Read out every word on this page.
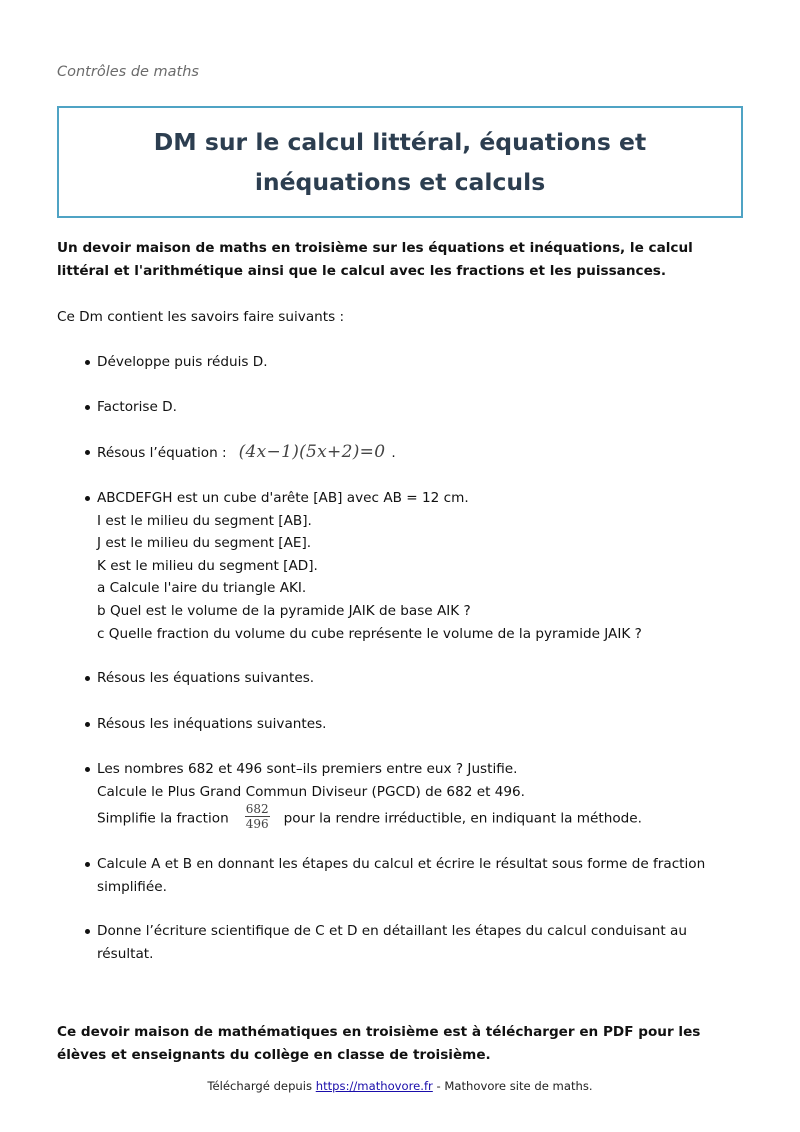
Contrôles de maths
DM sur le calcul littéral, équations et inéquations et calculs

Un devoir maison de maths en troisième sur les équations et inéquations, le calcul littéral et l'arithmétique ainsi que le calcul avec les fractions et les puissances.

Ce Dm contient les savoirs faire suivants :

Développe puis réduis D.
Factorise D.
Résous l’équation : (4x−1)(5x+2)=0 .
ABCDEFGH est un cube d'arête [AB] avec AB = 12 cm.
I est le milieu du segment [AB].
J est le milieu du segment [AE].
K est le milieu du segment [AD].
a Calcule l'aire du triangle AKI.
b Quel est le volume de la pyramide JAIK de base AIK ?
c Quelle fraction du volume du cube représente le volume de la pyramide JAIK ?
Résous les équations suivantes.
Résous les inéquations suivantes.
Les nombres 682 et 496 sont–ils premiers entre eux ? Justifie.
Calcule le Plus Grand Commun Diviseur (PGCD) de 682 et 496.
Simplifie la fraction $\frac{682}{496}$ pour la rendre irréductible, en indiquant la méthode.
Calcule A et B en donnant les étapes du calcul et écrire le résultat sous forme de fraction
simplifiée.
Donne l’écriture scientifique de C et D en détaillant les étapes du calcul conduisant au
résultat.

Ce devoir maison de mathématiques en troisième est à télécharger en PDF pour les élèves et enseignants du collège en classe de troisième.

Téléchargé depuis https://mathovore.fr - Mathovore site de maths.
